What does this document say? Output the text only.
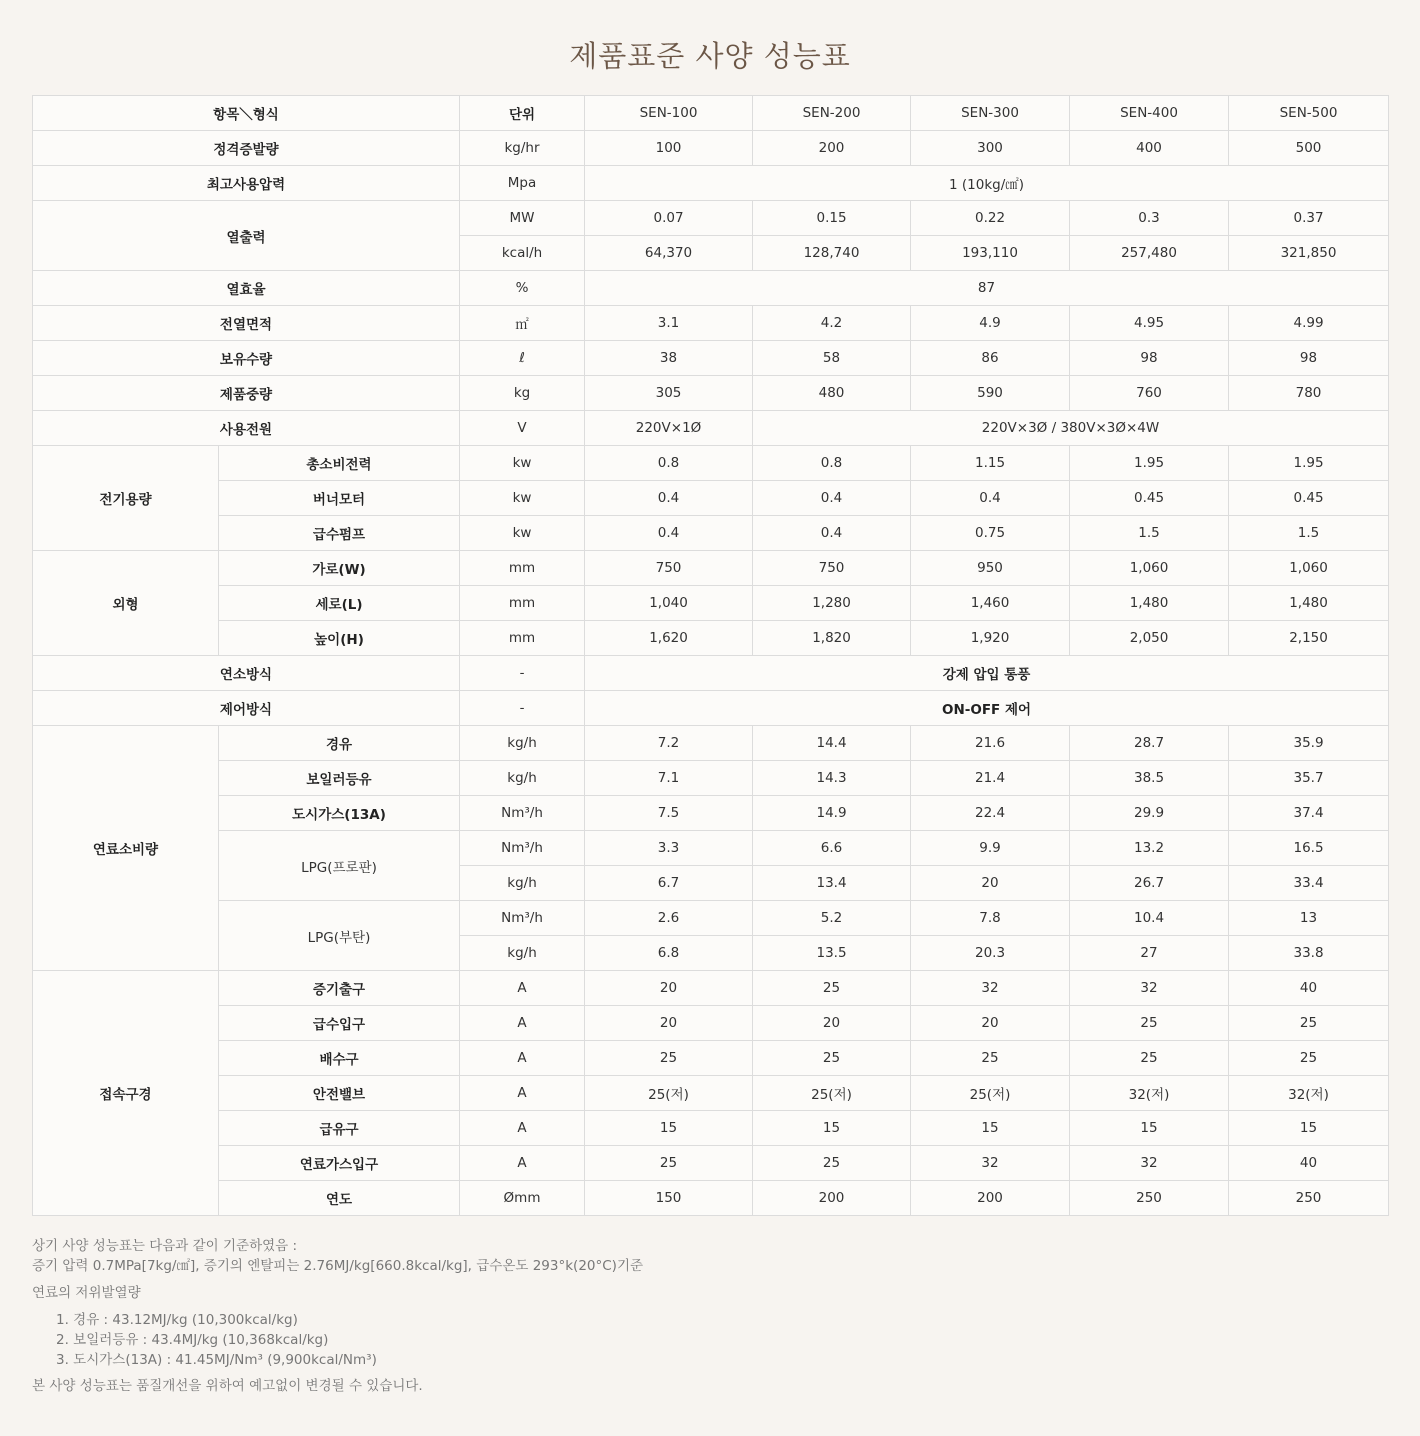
제품표준 사양 성능표
항목＼형식		단위	SEN-100	SEN-200	SEN-300	SEN-400	SEN-500
정격증발량		kg/hr	100	200	300	400	500
최고사용압력		Mpa	1 (10kg/㎠)				
열출력		MW	0.07	0.15	0.22	0.3	0.37
		kcal/h	64,370	128,740	193,110	257,480	321,850
열효율		%	87				
전열면적		㎡	3.1	4.2	4.9	4.95	4.99
보유수량		ℓ	38	58	86	98	98
제품중량		kg	305	480	590	760	780
사용전원		V	220V×1Ø	220V×3Ø / 380V×3Ø×4W			
전기용량	총소비전력	kw	0.8	0.8	1.15	1.95	1.95
	버너모터	kw	0.4	0.4	0.4	0.45	0.45
	급수펌프	kw	0.4	0.4	0.75	1.5	1.5
외형	가로(W)	mm	750	750	950	1,060	1,060
	세로(L)	mm	1,040	1,280	1,460	1,480	1,480
	높이(H)	mm	1,620	1,820	1,920	2,050	2,150
연소방식		-	강제 압입 통풍				
제어방식		-	ON-OFF 제어				
연료소비량	경유	kg/h	7.2	14.4	21.6	28.7	35.9
	보일러등유	kg/h	7.1	14.3	21.4	38.5	35.7
	도시가스(13A)	Nm³/h	7.5	14.9	22.4	29.9	37.4
	LPG(프로판)	Nm³/h	3.3	6.6	9.9	13.2	16.5
		kg/h	6.7	13.4	20	26.7	33.4
	LPG(부탄)	Nm³/h	2.6	5.2	7.8	10.4	13
		kg/h	6.8	13.5	20.3	27	33.8
접속구경	증기출구	A	20	25	32	32	40
	급수입구	A	20	20	20	25	25
	배수구	A	25	25	25	25	25
	안전밸브	A	25(저)	25(저)	25(저)	32(저)	32(저)
	급유구	A	15	15	15	15	15
	연료가스입구	A	25	25	32	32	40
	연도	Ømm	150	200	200	250	250

상기 사양 성능표는 다음과 같이 기준하였음 :

증기 압력 0.7MPa[7kg/㎠], 증기의 엔탈피는 2.76MJ/kg[660.8kcal/kg], 급수온도 293°k(20°C)기준

연료의 저위발열량

1. 경유 : 43.12MJ/kg (10,300kcal/kg)
2. 보일러등유 : 43.4MJ/kg (10,368kcal/kg)
3. 도시가스(13A) : 41.45MJ/Nm³ (9,900kcal/Nm³)

본 사양 성능표는 품질개선을 위하여 예고없이 변경될 수 있습니다.
